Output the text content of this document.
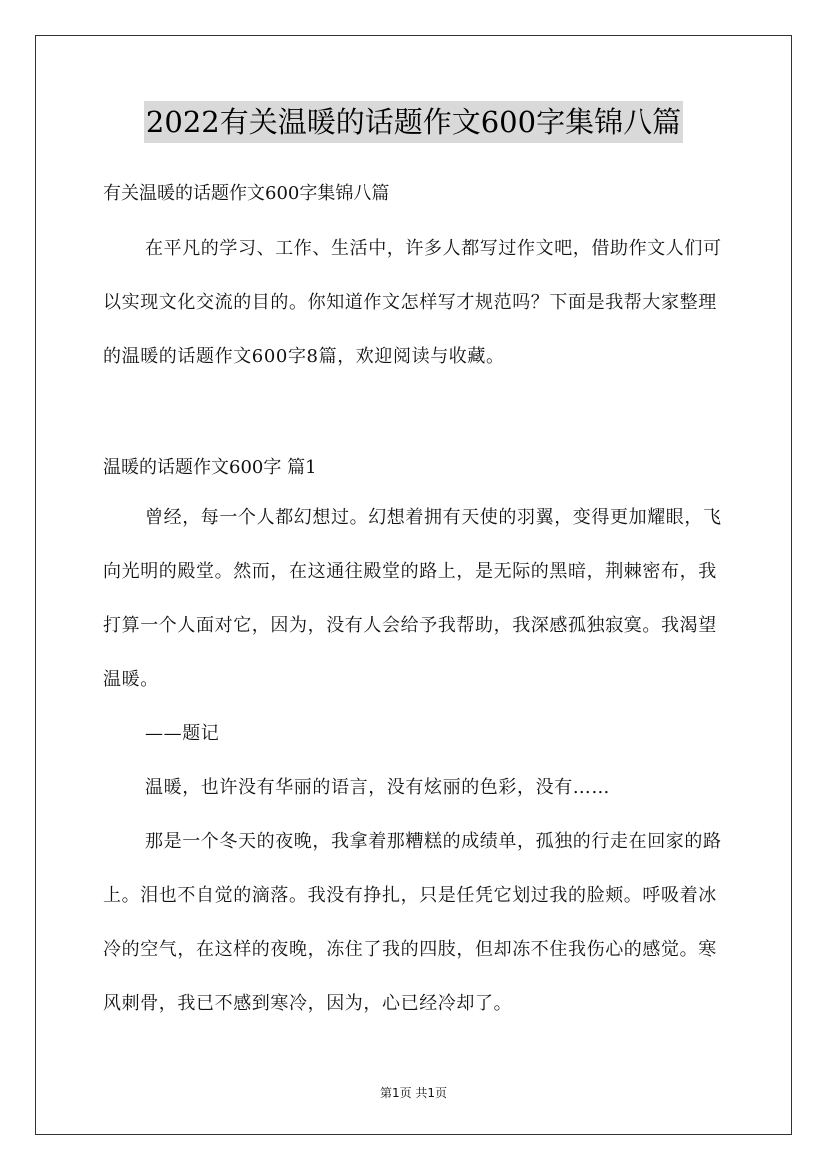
2022有关温暖的话题作文600字集锦八篇
有关温暖的话题作文600字集锦八篇

在平凡的学习、工作、生活中，许多人都写过作文吧，借助作文人们可以实现文化交流的目的。你知道作文怎样写才规范吗？下面是我帮大家整理的温暖的话题作文600字8篇，欢迎阅读与收藏。

温暖的话题作文600字 篇1

曾经，每一个人都幻想过。幻想着拥有天使的羽翼，变得更加耀眼，飞向光明的殿堂。然而，在这通往殿堂的路上，是无际的黑暗，荆棘密布，我打算一个人面对它，因为，没有人会给予我帮助，我深感孤独寂寞。我渴望温暖。

——题记

温暖，也许没有华丽的语言，没有炫丽的色彩，没有……

那是一个冬天的夜晚，我拿着那糟糕的成绩单，孤独的行走在回家的路上。泪也不自觉的滴落。我没有挣扎，只是任凭它划过我的脸颊。呼吸着冰冷的空气，在这样的夜晚，冻住了我的四肢，但却冻不住我伤心的感觉。寒风刺骨，我已不感到寒冷，因为，心已经冷却了。

第1页 共1页
